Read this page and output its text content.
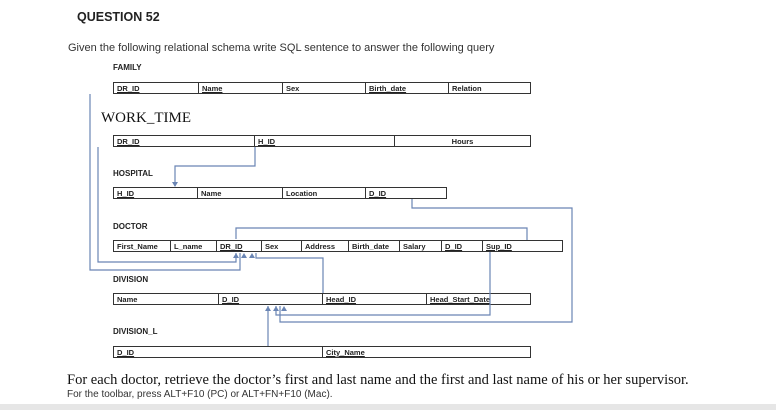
QUESTION 52
Given the following relational schema write SQL sentence to answer the following query
FAMILY
DR_ID	Name	Sex	Birth_date	Relation
WORK_TIME
DR_ID	H_ID	Hours
HOSPITAL
H_ID	Name	Location	D_ID
DOCTOR
First_Name	L_name	DR_ID	Sex	Address	Birth_date	Salary	D_ID	Sup_ID
DIVISION
Name	D_ID	Head_ID	Head_Start_Date
DIVISION_L
D_ID	City_Name
For each doctor, retrieve the doctor’s first and last name and the first and last name of his or her supervisor.
For the toolbar, press ALT+F10 (PC) or ALT+FN+F10 (Mac).
